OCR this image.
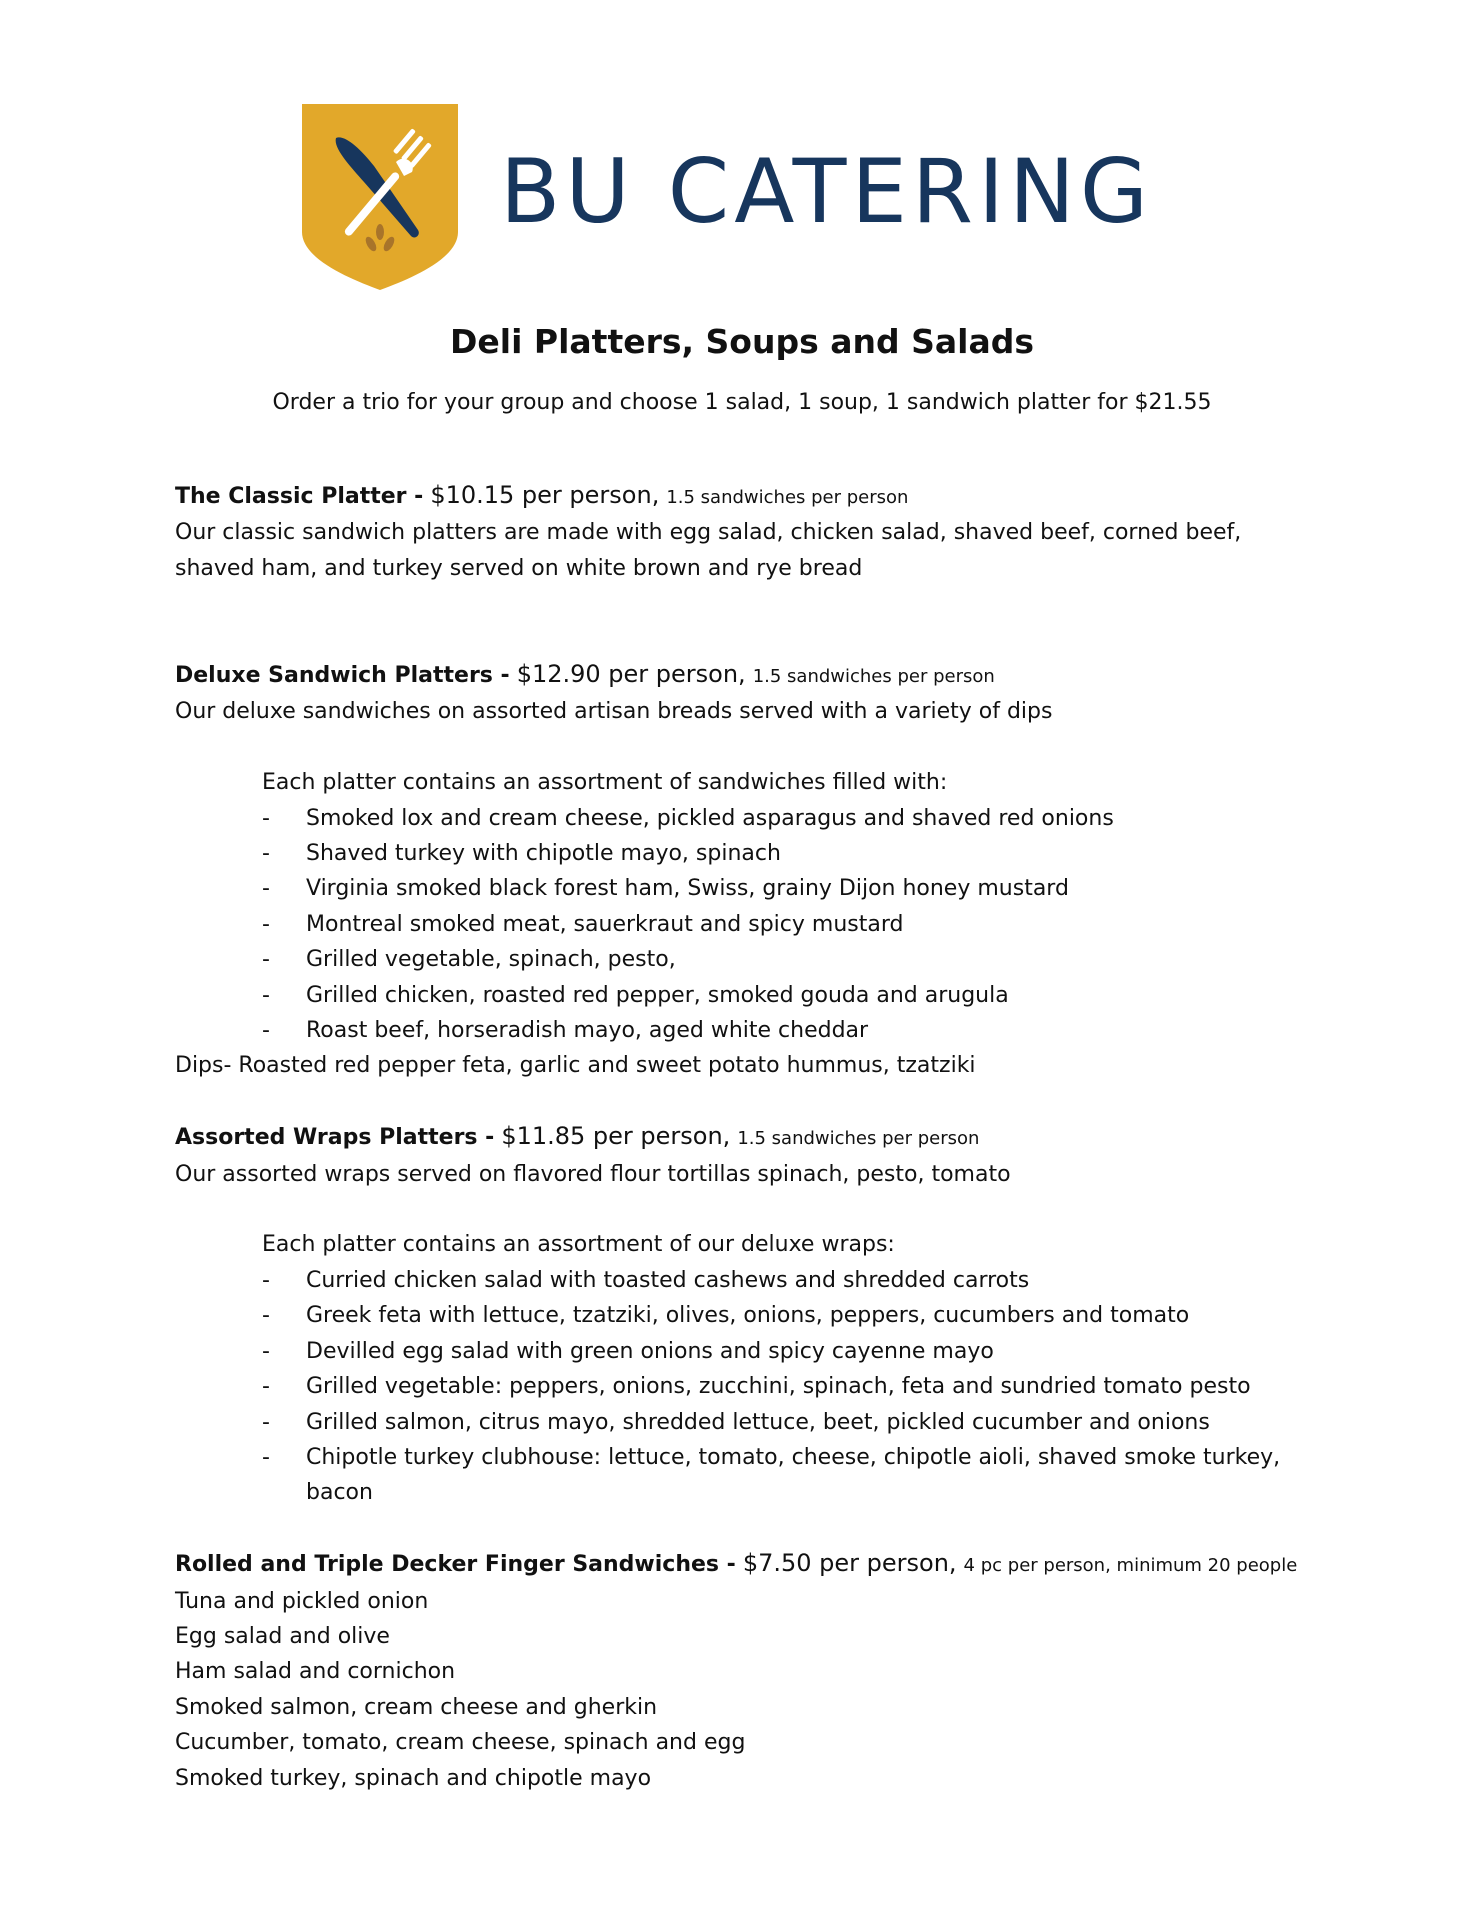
BU CATERING
Deli Platters, Soups and Salads
Order a trio for your group and choose 1 salad, 1 soup, 1 sandwich platter for $21.55

The Classic Platter - $10.15 per person, 1.5 sandwiches per person

Our classic sandwich platters are made with egg salad, chicken salad, shaved beef, corned beef, shaved ham, and turkey served on white brown and rye bread

Deluxe Sandwich Platters - $12.90 per person, 1.5 sandwiches per person

Our deluxe sandwiches on assorted artisan breads served with a variety of dips

Each platter contains an assortment of sandwiches filled with:

- Smoked lox and cream cheese, pickled asparagus and shaved red onions
- Shaved turkey with chipotle mayo, spinach
- Virginia smoked black forest ham, Swiss, grainy Dijon honey mustard
- Montreal smoked meat, sauerkraut and spicy mustard
- Grilled vegetable, spinach, pesto,
- Grilled chicken, roasted red pepper, smoked gouda and arugula
- Roast beef, horseradish mayo, aged white cheddar

Dips- Roasted red pepper feta, garlic and sweet potato hummus, tzatziki

Assorted Wraps Platters - $11.85 per person, 1.5 sandwiches per person

Our assorted wraps served on flavored flour tortillas spinach, pesto, tomato

Each platter contains an assortment of our deluxe wraps:

- Curried chicken salad with toasted cashews and shredded carrots
- Greek feta with lettuce, tzatziki, olives, onions, peppers, cucumbers and tomato
- Devilled egg salad with green onions and spicy cayenne mayo
- Grilled vegetable: peppers, onions, zucchini, spinach, feta and sundried tomato pesto
- Grilled salmon, citrus mayo, shredded lettuce, beet, pickled cucumber and onions
- Chipotle turkey clubhouse: lettuce, tomato, cheese, chipotle aioli, shaved smoke turkey, bacon

Rolled and Triple Decker Finger Sandwiches - $7.50 per person, 4 pc per person, minimum 20 people

Tuna and pickled onion

Egg salad and olive

Ham salad and cornichon

Smoked salmon, cream cheese and gherkin

Cucumber, tomato, cream cheese, spinach and egg

Smoked turkey, spinach and chipotle mayo
